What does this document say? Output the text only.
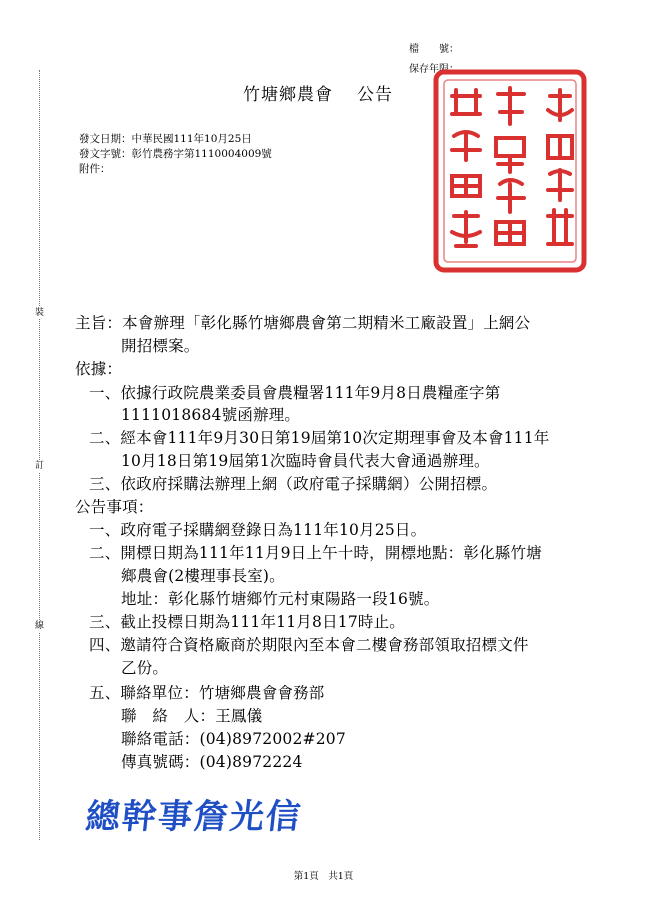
檔　　號：
保存年限：
竹塘鄉農會 公告
發文日期：中華民國111年10月25日
發文字號：彰竹農務字第1110004009號
附件：
裝
訂
線
主旨：本會辦理「彰化縣竹塘鄉農會第二期精米工廠設置」上網公
開招標案。
依據：
一、依據行政院農業委員會農糧署111年9月8日農糧產字第
1111018684號函辦理。
二、經本會111年9月30日第19屆第10次定期理事會及本會111年
10月18日第19屆第1次臨時會員代表大會通過辦理。
三、依政府採購法辦理上網（政府電子採購網）公開招標。
公告事項：
一、政府電子採購網登錄日為111年10月25日。
二、開標日期為111年11月9日上午十時，開標地點：彰化縣竹塘
鄉農會(2樓理事長室)。
地址：彰化縣竹塘鄉竹元村東陽路一段16號。
三、截止投標日期為111年11月8日17時止。
四、邀請符合資格廠商於期限內至本會二樓會務部領取招標文件
乙份。
五、聯絡單位：竹塘鄉農會會務部
聯　絡　人：王鳳儀
聯絡電話：(04)8972002#207
傳真號碼：(04)8972224
總幹事詹光信
第1頁　共1頁
